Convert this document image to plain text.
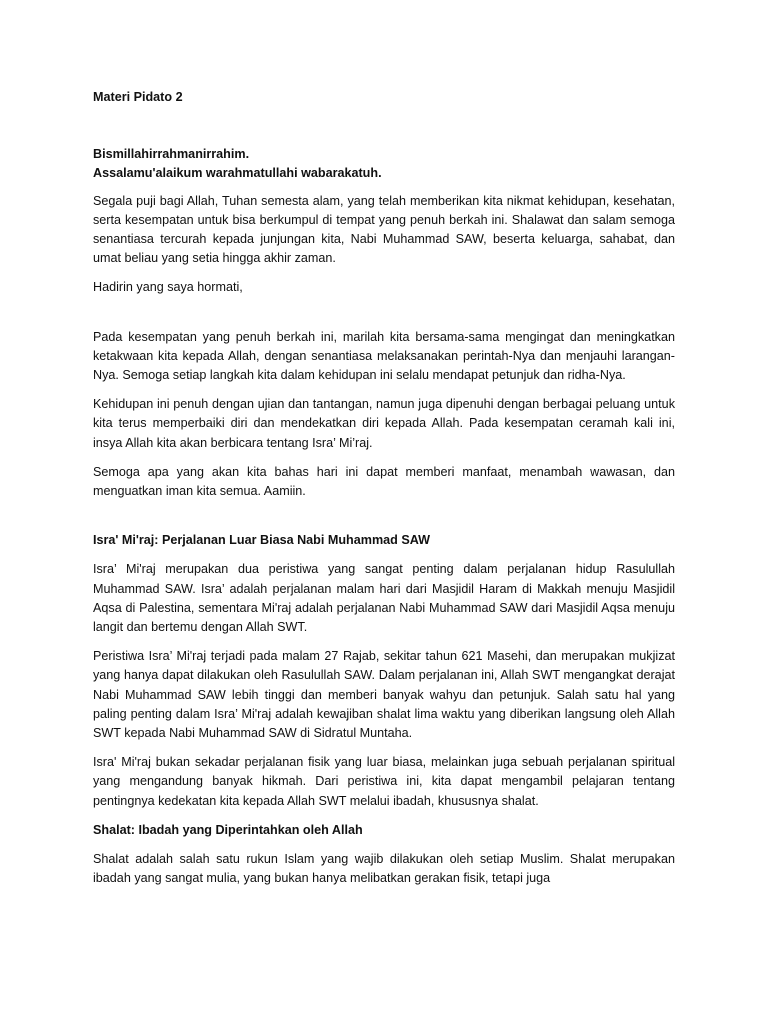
Materi Pidato 2

Bismillahirrahmanirrahim.

Assalamu'alaikum warahmatullahi wabarakatuh.

Segala puji bagi Allah, Tuhan semesta alam, yang telah memberikan kita nikmat kehidupan, kesehatan, serta kesempatan untuk bisa berkumpul di tempat yang penuh berkah ini. Shalawat dan salam semoga senantiasa tercurah kepada junjungan kita, Nabi Muhammad SAW, beserta keluarga, sahabat, dan umat beliau yang setia hingga akhir zaman.

Hadirin yang saya hormati,

Pada kesempatan yang penuh berkah ini, marilah kita bersama-sama mengingat dan meningkatkan ketakwaan kita kepada Allah, dengan senantiasa melaksanakan perintah-Nya dan menjauhi larangan-Nya. Semoga setiap langkah kita dalam kehidupan ini selalu mendapat petunjuk dan ridha-Nya.

Kehidupan ini penuh dengan ujian dan tantangan, namun juga dipenuhi dengan berbagai peluang untuk kita terus memperbaiki diri dan mendekatkan diri kepada Allah. Pada kesempatan ceramah kali ini, insya Allah kita akan berbicara tentang Isra’ Mi’raj.

Semoga apa yang akan kita bahas hari ini dapat memberi manfaat, menambah wawasan, dan menguatkan iman kita semua. Aamiin.

Isra' Mi'raj: Perjalanan Luar Biasa Nabi Muhammad SAW

Isra’ Mi'raj merupakan dua peristiwa yang sangat penting dalam perjalanan hidup Rasulullah Muhammad SAW. Isra’ adalah perjalanan malam hari dari Masjidil Haram di Makkah menuju Masjidil Aqsa di Palestina, sementara Mi'raj adalah perjalanan Nabi Muhammad SAW dari Masjidil Aqsa menuju langit dan bertemu dengan Allah SWT.

Peristiwa Isra’ Mi'raj terjadi pada malam 27 Rajab, sekitar tahun 621 Masehi, dan merupakan mukjizat yang hanya dapat dilakukan oleh Rasulullah SAW. Dalam perjalanan ini, Allah SWT mengangkat derajat Nabi Muhammad SAW lebih tinggi dan memberi banyak wahyu dan petunjuk. Salah satu hal yang paling penting dalam Isra’ Mi'raj adalah kewajiban shalat lima waktu yang diberikan langsung oleh Allah SWT kepada Nabi Muhammad SAW di Sidratul Muntaha.

Isra' Mi'raj bukan sekadar perjalanan fisik yang luar biasa, melainkan juga sebuah perjalanan spiritual yang mengandung banyak hikmah. Dari peristiwa ini, kita dapat mengambil pelajaran tentang pentingnya kedekatan kita kepada Allah SWT melalui ibadah, khususnya shalat.

Shalat: Ibadah yang Diperintahkan oleh Allah

Shalat adalah salah satu rukun Islam yang wajib dilakukan oleh setiap Muslim. Shalat merupakan ibadah yang sangat mulia, yang bukan hanya melibatkan gerakan fisik, tetapi juga
